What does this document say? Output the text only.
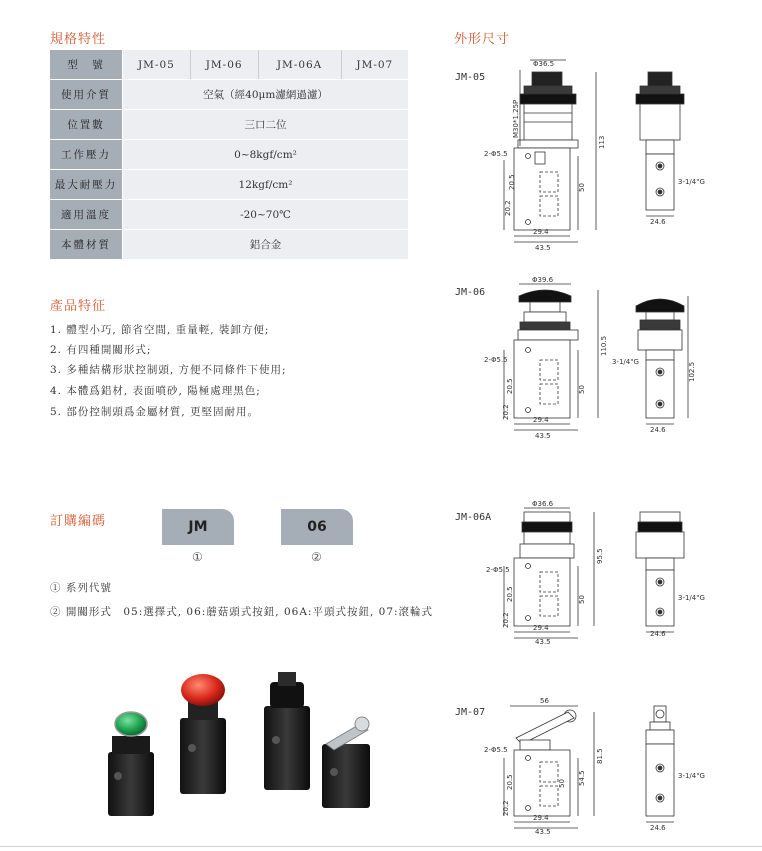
規格特性	外形尺寸
產品特征
訂購編碼
型　號	JM-05	JM-06	JM-06A	JM-07
使用介質	空氣（經40μm濾網過濾）			
位置數	三口二位			
工作壓力	0~8kgf/cm²			
最大耐壓力	12kgf/cm²			
適用溫度	-20~70℃			
本體材質	鋁合金			
1. 體型小巧, 節省空間, 重量輕, 裝卸方便;
2. 有四種開關形式;
3. 多種結構形狀控制頭, 方便不同條件下使用;
4. 本體爲鋁材, 表面噴砂, 陽極處理黑色;
5. 部份控制頭爲金屬材質, 更堅固耐用。
JM	06
①	②
① 系列代號
② 開關形式　05:選擇式, 06:蘑菇頭式按鈕, 06A:平頭式按鈕, 07:滾輪式
JM-05
JM-06
JM-06A
JM-07
Φ36.5
M30*1.25P
113
2-Φ5.5
20.5
20.2
50
29.4
43.5
3-1/4"G
24.6
Φ39.6
110.5
2-Φ5.5
20.5
20.2
50
29.4
43.5
3-1/4"G	102.5
24.6
Φ36.6
95.5
2-Φ5.5
20.5
20.2
50
29.4
43.5
3-1/4"G
24.6
56
81.5
2-Φ5.5
20.5
20.2
50 54.5
29.4
43.5
3-1/4"G
24.6
